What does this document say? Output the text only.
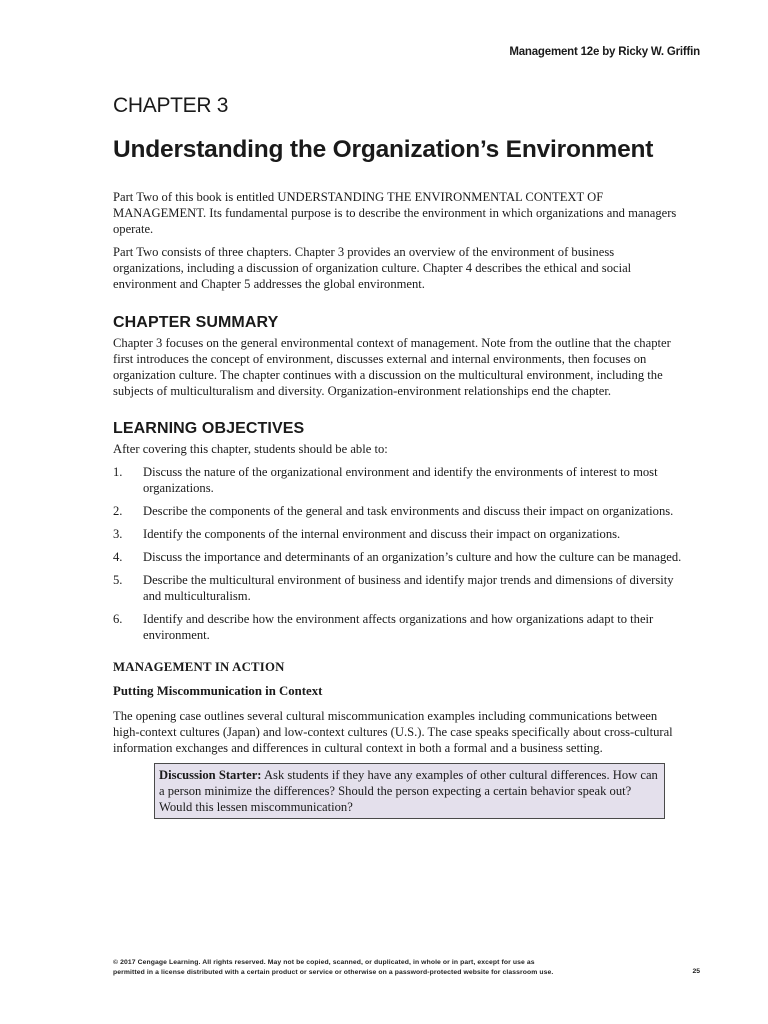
Management 12e by Ricky W. Griffin
CHAPTER 3
Understanding the Organization’s Environment

Part Two of this book is entitled UNDERSTANDING THE ENVIRONMENTAL CONTEXT OF MANAGEMENT. Its fundamental purpose is to describe the environment in which organizations and managers operate.

Part Two consists of three chapters. Chapter 3 provides an overview of the environment of business organizations, including a discussion of organization culture. Chapter 4 describes the ethical and social environment and Chapter 5 addresses the global environment.

CHAPTER SUMMARY

Chapter 3 focuses on the general environmental context of management. Note from the outline that the chapter first introduces the concept of environment, discusses external and internal environments, then focuses on organization culture. The chapter continues with a discussion on the multicultural environment, including the subjects of multiculturalism and diversity. Organization-environment relationships end the chapter.

LEARNING OBJECTIVES

After covering this chapter, students should be able to:

1.	Discuss the nature of the organizational environment and identify the environments of interest to most organizations.
2.	Describe the components of the general and task environments and discuss their impact on organizations.
3.	Identify the components of the internal environment and discuss their impact on organizations.
4.	Discuss the importance and determinants of an organization’s culture and how the culture can be managed.
5.	Describe the multicultural environment of business and identify major trends and dimensions of diversity and multiculturalism.
6.	Identify and describe how the environment affects organizations and how organizations adapt to their environment.
MANAGEMENT IN ACTION
Putting Miscommunication in Context

The opening case outlines several cultural miscommunication examples including communications between high-context cultures (Japan) and low-context cultures (U.S.). The case speaks specifically about cross-cultural information exchanges and differences in cultural context in both a formal and a business setting.

Discussion Starter: Ask students if they have any examples of other cultural differences. How can a person minimize the differences? Should the person expecting a certain behavior speak out? Would this lessen miscommunication?
© 2017 Cengage Learning. All rights reserved. May not be copied, scanned, or duplicated, in whole or in part, except for use as
permitted in a license distributed with a certain product or service or otherwise on a password-protected website for classroom use.	25
